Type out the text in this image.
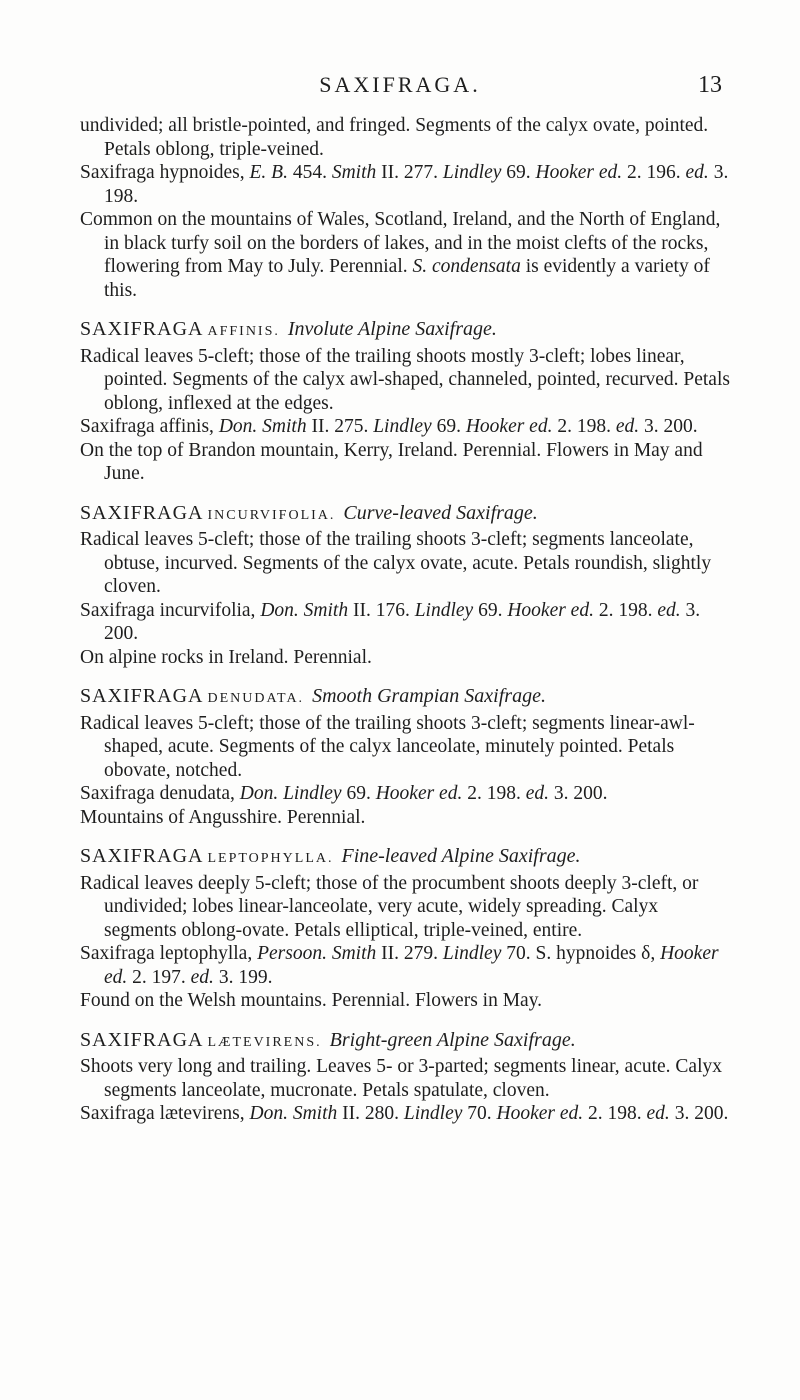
SAXIFRAGA.	13

undivided; all bristle-pointed, and fringed. Segments of the calyx ovate, pointed. Petals oblong, triple-veined.

Saxifraga hypnoides, E. B. 454. Smith II. 277. Lindley 69. Hooker ed. 2. 196. ed. 3. 198.

Common on the mountains of Wales, Scotland, Ireland, and the North of England, in black turfy soil on the borders of lakes, and in the moist clefts of the rocks, flowering from May to July. Perennial. S. condensata is evidently a variety of this.

SAXIFRAGA AFFINIS. Involute Alpine Saxifrage.

Radical leaves 5-cleft; those of the trailing shoots mostly 3-cleft; lobes linear, pointed. Segments of the calyx awl-shaped, channeled, pointed, recurved. Petals oblong, inflexed at the edges.

Saxifraga affinis, Don. Smith II. 275. Lindley 69. Hooker ed. 2. 198. ed. 3. 200.

On the top of Brandon mountain, Kerry, Ireland. Perennial. Flowers in May and June.

SAXIFRAGA INCURVIFOLIA. Curve-leaved Saxifrage.

Radical leaves 5-cleft; those of the trailing shoots 3-cleft; segments lanceolate, obtuse, incurved. Segments of the calyx ovate, acute. Petals roundish, slightly cloven.

Saxifraga incurvifolia, Don. Smith II. 176. Lindley 69. Hooker ed. 2. 198. ed. 3. 200.

On alpine rocks in Ireland. Perennial.

SAXIFRAGA DENUDATA. Smooth Grampian Saxifrage.

Radical leaves 5-cleft; those of the trailing shoots 3-cleft; segments linear-awl-shaped, acute. Segments of the calyx lanceolate, minutely pointed. Petals obovate, notched.

Saxifraga denudata, Don. Lindley 69. Hooker ed. 2. 198. ed. 3. 200.

Mountains of Angusshire. Perennial.

SAXIFRAGA LEPTOPHYLLA. Fine-leaved Alpine Saxifrage.

Radical leaves deeply 5-cleft; those of the procumbent shoots deeply 3-cleft, or undivided; lobes linear-lanceolate, very acute, widely spreading. Calyx segments oblong-ovate. Petals elliptical, triple-veined, entire.

Saxifraga leptophylla, Persoon. Smith II. 279. Lindley 70. S. hypnoides δ, Hooker ed. 2. 197. ed. 3. 199.

Found on the Welsh mountains. Perennial. Flowers in May.

SAXIFRAGA LÆTEVIRENS. Bright-green Alpine Saxifrage.

Shoots very long and trailing. Leaves 5- or 3-parted; segments linear, acute. Calyx segments lanceolate, mucronate. Petals spatulate, cloven.

Saxifraga lætevirens, Don. Smith II. 280. Lindley 70. Hooker ed. 2. 198. ed. 3. 200.
